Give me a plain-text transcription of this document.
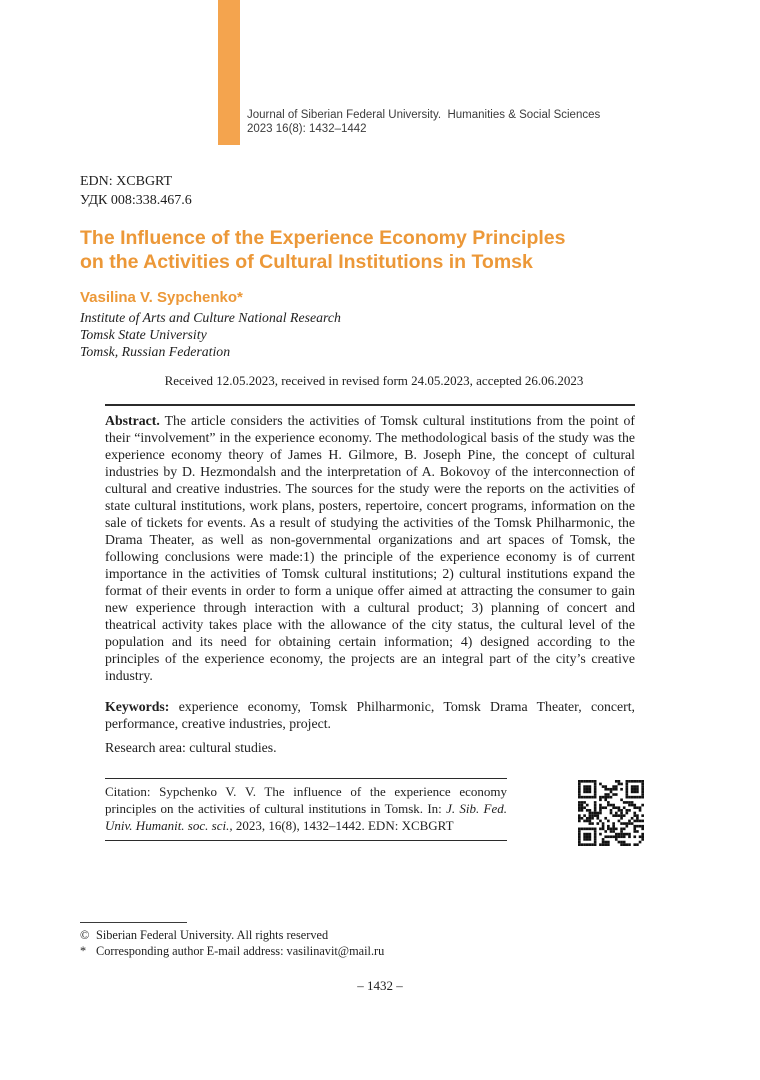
Journal of Siberian Federal University.  Humanities & Social Sciences
2023 16(8): 1432–1442
EDN: XCBGRT
УДК 008:338.467.6
The Influence of the Experience Economy Principles
on the Activities of Cultural Institutions in Tomsk
Vasilina V. Sypchenko*
Institute of Arts and Culture National Research
Tomsk State University
Tomsk, Russian Federation
Received 12.05.2023, received in revised form 24.05.2023, accepted 26.06.2023

Abstract. The article considers the activities of Tomsk cultural institutions from the point of their “involvement” in the experience economy. The methodological basis of the study was the experience economy theory of James H. Gilmore, B. Joseph Pine, the concept of cultural industries by D. Hezmondalsh and the interpretation of A. Bokovoy of the interconnection of cultural and creative industries. The sources for the study were the reports on the activities of state cultural institutions, work plans, posters, repertoire, concert programs, information on the sale of tickets for events. As a result of studying the activities of the Tomsk Philharmonic, the Drama Theater, as well as non-governmental organizations and art spaces of Tomsk, the following conclusions were made:1) the principle of the experience economy is of current importance in the activities of Tomsk cultural institutions; 2) cultural institutions expand the format of their events in order to form a unique offer aimed at attracting the consumer to gain new experience through interaction with a cultural product; 3) planning of concert and theatrical activity takes place with the allowance of the city status, the cultural level of the population and its need for obtaining certain information; 4) designed according to the principles of the experience economy, the projects are an integral part of the city’s creative industry.

Keywords: experience economy, Tomsk Philharmonic, Tomsk Drama Theater, concert, performance, creative industries, project.
Research area: cultural studies.
Citation: Sypchenko V. V. The influence of the experience economy principles on the activities of cultural institutions in Tomsk. In: J. Sib. Fed. Univ. Humanit. soc. sci., 2023, 16(8), 1432–1442. EDN: XCBGRT
© Siberian Federal University. All rights reserved
* Corresponding author E-mail address: vasilinavit@mail.ru
– 1432 –
